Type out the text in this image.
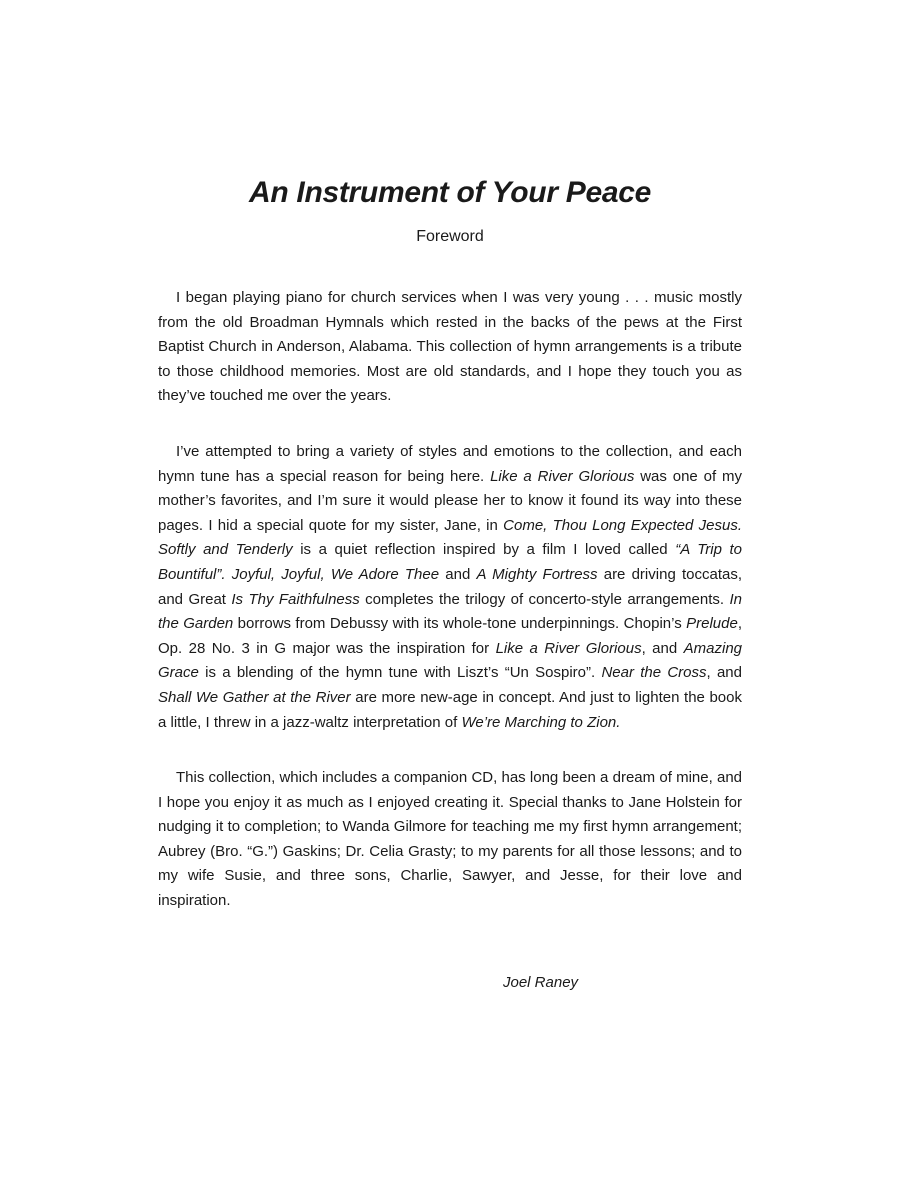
An Instrument of Your Peace
Foreword

I began playing piano for church services when I was very young . . . music mostly from the old Broadman Hymnals which rested in the backs of the pews at the First Baptist Church in Anderson, Alabama. This collection of hymn arrangements is a tribute to those childhood memories. Most are old standards, and I hope they touch you as they’ve touched me over the years.

I’ve attempted to bring a variety of styles and emotions to the collection, and each hymn tune has a special reason for being here. Like a River Glorious was one of my mother’s favorites, and I’m sure it would please her to know it found its way into these pages. I hid a special quote for my sister, Jane, in Come, Thou Long Expected Jesus. Softly and Tenderly is a quiet reflection inspired by a film I loved called “A Trip to Bountiful”. Joyful, Joyful, We Adore Thee and A Mighty Fortress are driving toccatas, and Great Is Thy Faithfulness completes the trilogy of concerto-style arrangements. In the Garden borrows from Debussy with its whole-tone underpinnings. Chopin’s Prelude, Op. 28 No. 3 in G major was the inspiration for Like a River Glorious, and Amazing Grace is a blending of the hymn tune with Liszt’s “Un Sospiro”. Near the Cross, and Shall We Gather at the River are more new-age in concept. And just to lighten the book a little, I threw in a jazz-waltz interpretation of We’re Marching to Zion.

This collection, which includes a companion CD, has long been a dream of mine, and I hope you enjoy it as much as I enjoyed creating it. Special thanks to Jane Holstein for nudging it to completion; to Wanda Gilmore for teaching me my first hymn arrangement; Aubrey (Bro. “G.”) Gaskins; Dr. Celia Grasty; to my parents for all those lessons; and to my wife Susie, and three sons, Charlie, Sawyer, and Jesse, for their love and inspiration.

Joel Raney
